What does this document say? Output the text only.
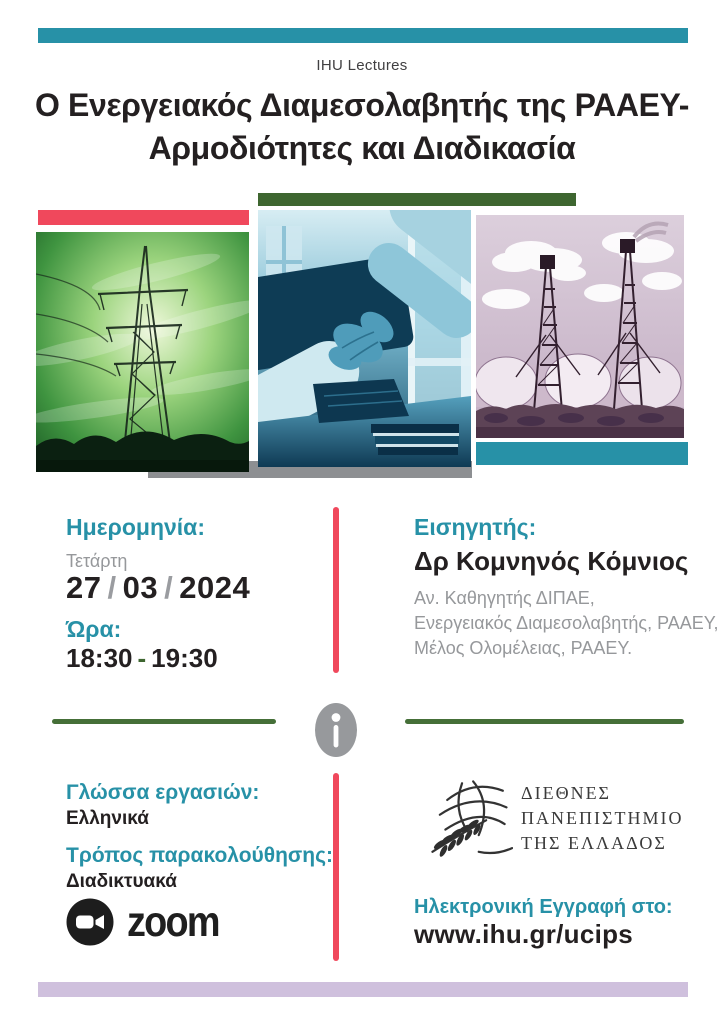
IHU Lectures
Ο Ενεργειακός Διαμεσολαβητής της ΡΑΑΕΥ-
Αρμοδιότητες και Διαδικασία
Ημερομηνία:
Τετάρτη
27 / 03 / 2024
Ώρα:
18:30 - 19:30
Εισηγητής:
Δρ Κομνηνός Κόμνιος
Αν. Καθηγητής ΔΙΠΑΕ,
Ενεργειακός Διαμεσολαβητής, ΡΑΑΕΥ,
Μέλος Ολομέλειας, ΡΑΑΕΥ.
Γλώσσα εργασιών:
Ελληνικά
Τρόπος παρακολούθησης:
Διαδικτυακά
zoom
ΔΙΕΘΝΕΣ
ΠΑΝΕΠΙΣΤΗΜΙΟ
ΤΗΣ ΕΛΛΑΔΟΣ
Ηλεκτρονική Εγγραφή στο:
www.ihu.gr/ucips
